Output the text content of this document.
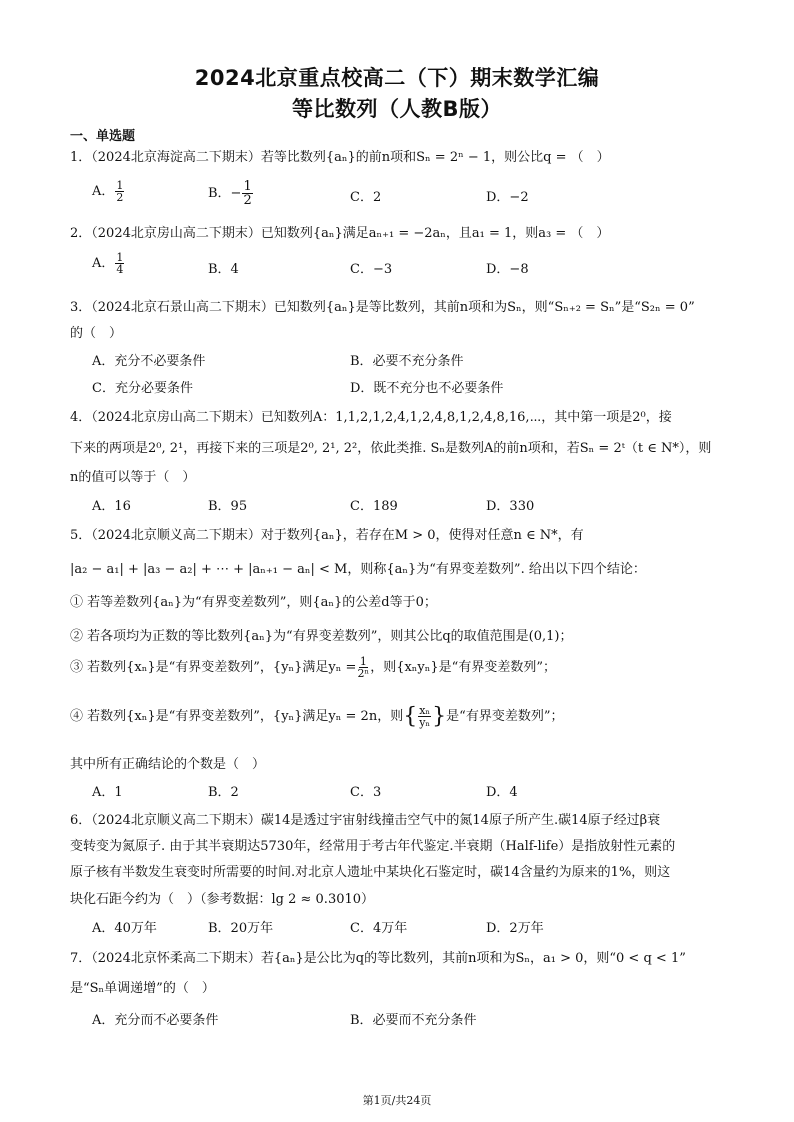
2024北京重点校高二（下）期末数学汇编
等比数列（人教B版）
一、单选题
1．（2024北京海淀高二下期末）若等比数列{aₙ}的前n项和Sₙ = 2ⁿ − 1，则公比q = （　）
A． $\frac{1}{2}$	B．− $\frac{1}{2}$	C．2	D．−2
2．（2024北京房山高二下期末）已知数列{aₙ}满足aₙ₊₁ = −2aₙ，且a₁ = 1，则a₃ = （　）
A． $\frac{1}{4}$	B．4	C．−3	D．−8
3．（2024北京石景山高二下期末）已知数列{aₙ}是等比数列，其前n项和为Sₙ，则“Sₙ₊₂ = Sₙ”是“S₂ₙ = 0”
的（　）
A．充分不必要条件	B．必要不充分条件
C．充分必要条件	D．既不充分也不必要条件
4．（2024北京房山高二下期末）已知数列A：1,1,2,1,2,4,1,2,4,8,1,2,4,8,16,⋯，其中第一项是2⁰，接
下来的两项是2⁰, 2¹，再接下来的三项是2⁰, 2¹, 2²，依此类推. Sₙ是数列A的前n项和，若Sₙ = 2ᵗ（t ∈ N*），则
n的值可以等于（　）
A．16	B．95	C．189	D．330
5．（2024北京顺义高二下期末）对于数列{aₙ}，若存在M > 0，使得对任意n ∈ N*，有
|a₂ − a₁| + |a₃ − a₂| + ⋯ + |aₙ₊₁ − aₙ| < M，则称{aₙ}为“有界变差数列”. 给出以下四个结论：
① 若等差数列{aₙ}为“有界变差数列”，则{aₙ}的公差d等于0；
② 若各项均为正数的等比数列{aₙ}为“有界变差数列”，则其公比q的取值范围是(0,1)；
③ 若数列{xₙ}是“有界变差数列”，{yₙ}满足$y_n = \frac{1}{\text{2ⁿ}}$ ，则{xₙyₙ}是“有界变差数列”；
④ 若数列{xₙ}是“有界变差数列”，{yₙ}满足yₙ = 2n，则{ $\frac{\text{xₙ}}{\text{yₙ}}$ }是“有界变差数列”；
其中所有正确结论的个数是（　）
A．1	B．2	C．3	D．4
6．（2024北京顺义高二下期末）碳14是透过宇宙射线撞击空气中的氮14原子所产生.碳14原子经过β衰
变转变为氮原子. 由于其半衰期达5730年，经常用于考古年代鉴定.半衰期（Half-life）是指放射性元素的
原子核有半数发生衰变时所需要的时间.对北京人遗址中某块化石鉴定时，碳14含量约为原来的1%，则这
块化石距今约为（　）（参考数据：lg 2 ≈ 0.3010）
A．40万年	B．20万年	C．4万年	D．2万年
7．（2024北京怀柔高二下期末）若{aₙ}是公比为q的等比数列，其前n项和为Sₙ，a₁ > 0，则“0 < q < 1”
是“Sₙ单调递增”的（　）
A．充分而不必要条件	B．必要而不充分条件
第1页/共24页
